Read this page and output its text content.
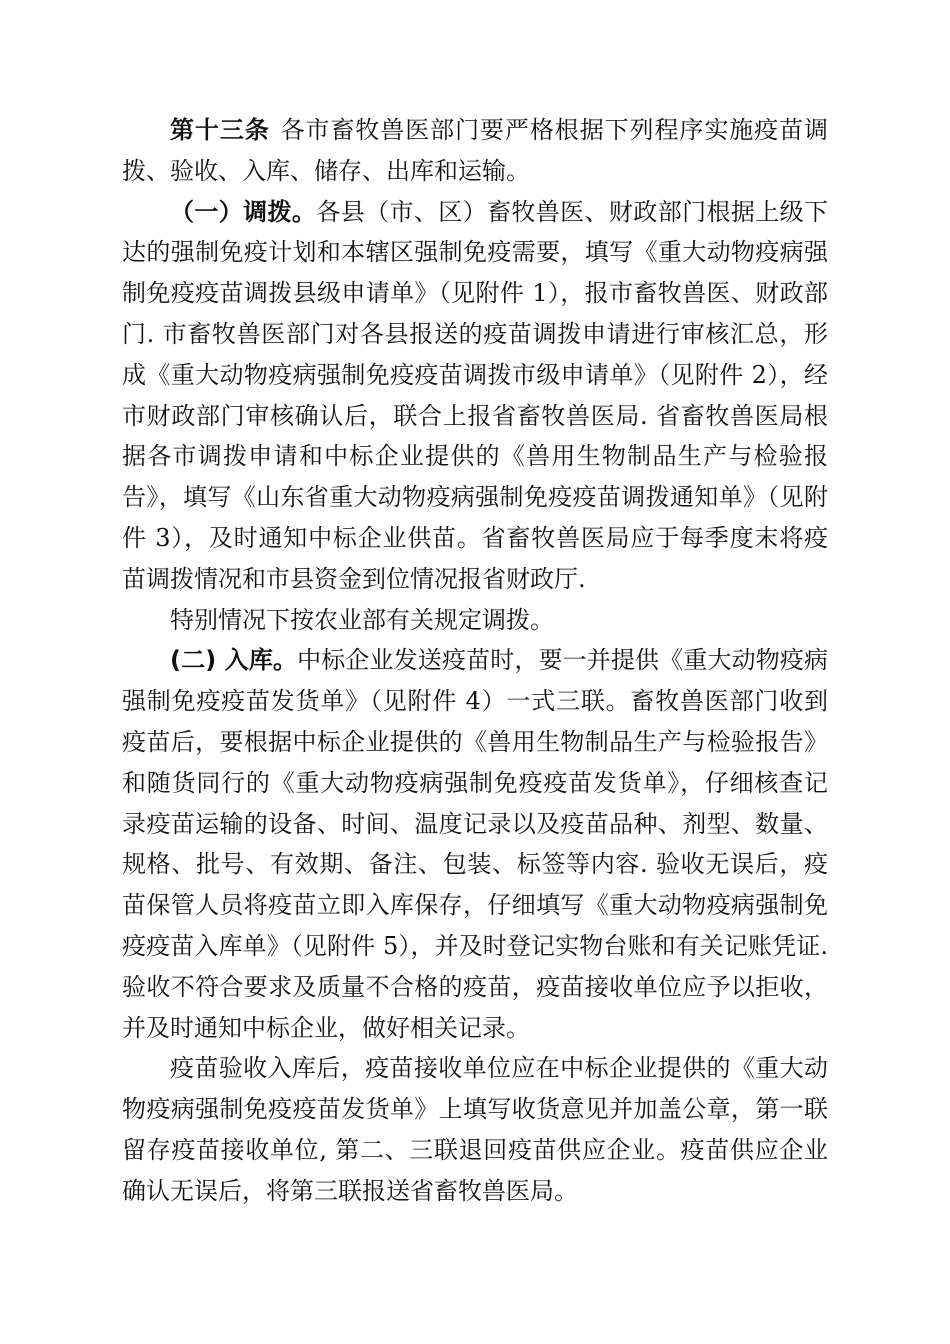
第十三条 各市畜牧兽医部门要严格根据下列程序实施疫苗调拨、验收、入库、储存、出库和运输。

（一）调拨。各县（市、区）畜牧兽医、财政部门根据上级下达的强制免疫计划和本辖区强制免疫需要，填写《重大动物疫病强制免疫疫苗调拨县级申请单》（见附件 1），报市畜牧兽医、财政部门. 市畜牧兽医部门对各县报送的疫苗调拨申请进行审核汇总，形成《重大动物疫病强制免疫疫苗调拨市级申请单》（见附件 2），经市财政部门审核确认后，联合上报省畜牧兽医局. 省畜牧兽医局根据各市调拨申请和中标企业提供的《兽用生物制品生产与检验报告》，填写《山东省重大动物疫病强制免疫疫苗调拨通知单》（见附件 3），及时通知中标企业供苗。省畜牧兽医局应于每季度末将疫苗调拨情况和市县资金到位情况报省财政厅.

特别情况下按农业部有关规定调拨。

(二) 入库。中标企业发送疫苗时，要一并提供《重大动物疫病强制免疫疫苗发货单》（见附件 4）一式三联。畜牧兽医部门收到疫苗后，要根据中标企业提供的《兽用生物制品生产与检验报告》和随货同行的《重大动物疫病强制免疫疫苗发货单》，仔细核查记录疫苗运输的设备、时间、温度记录以及疫苗品种、剂型、数量、规格、批号、有效期、备注、包装、标签等内容. 验收无误后，疫苗保管人员将疫苗立即入库保存，仔细填写《重大动物疫病强制免疫疫苗入库单》（见附件 5），并及时登记实物台账和有关记账凭证. 验收不符合要求及质量不合格的疫苗，疫苗接收单位应予以拒收，并及时通知中标企业，做好相关记录。

疫苗验收入库后，疫苗接收单位应在中标企业提供的《重大动物疫病强制免疫疫苗发货单》上填写收货意见并加盖公章，第一联留存疫苗接收单位, 第二、三联退回疫苗供应企业。疫苗供应企业确认无误后，将第三联报送省畜牧兽医局。
